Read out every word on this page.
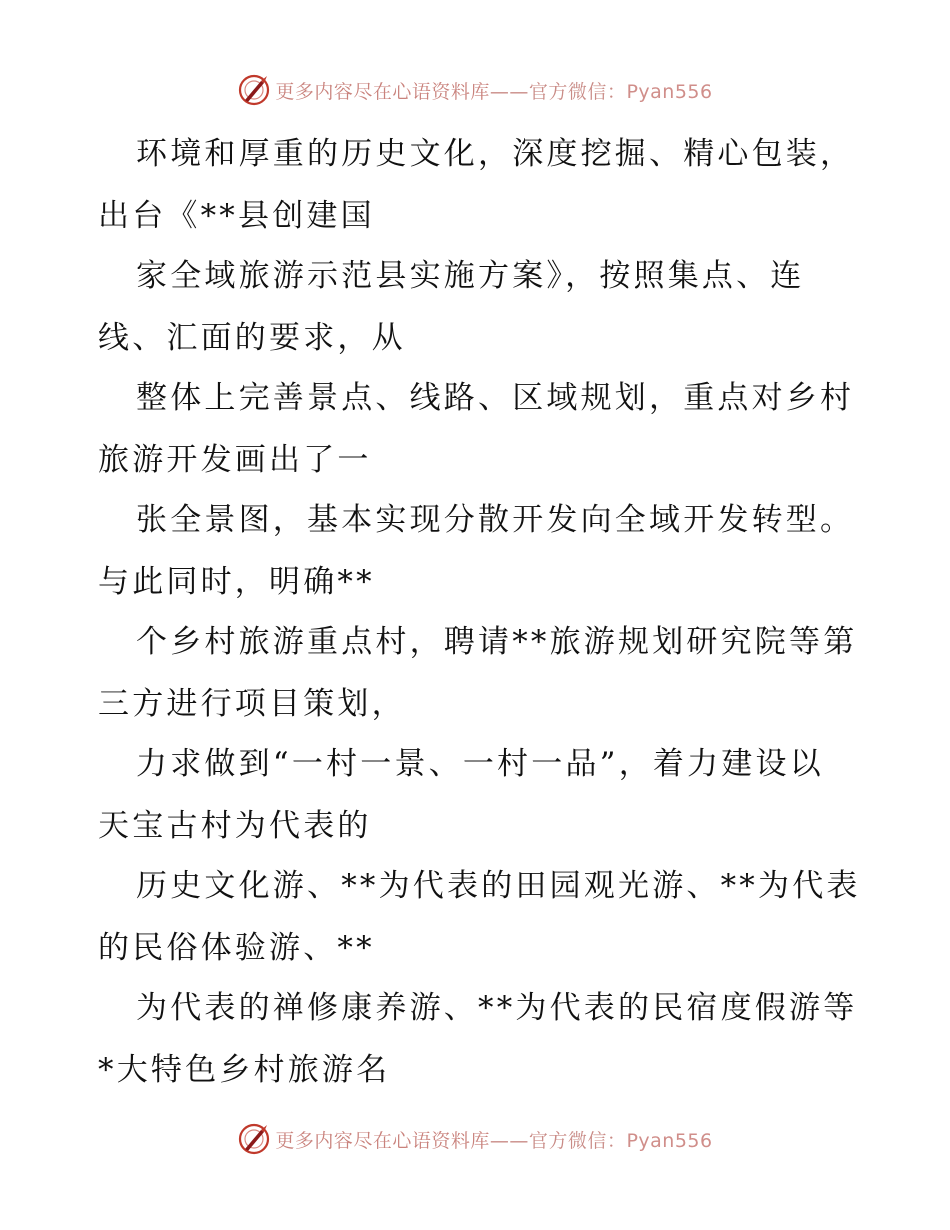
更多内容尽在心语资料库——官方微信：Pyan556
环境和厚重的历史文化，深度挖掘、精心包装，
出台《**县创建国
家全域旅游示范县实施方案》，按照集点、连
线、汇面的要求，从
整体上完善景点、线路、区域规划，重点对乡村
旅游开发画出了一
张全景图，基本实现分散开发向全域开发转型。
与此同时，明确**
个乡村旅游重点村，聘请**旅游规划研究院等第
三方进行项目策划，
力求做到“一村一景、一村一品”，着力建设以
天宝古村为代表的
历史文化游、**为代表的田园观光游、**为代表
的民俗体验游、**
为代表的禅修康养游、**为代表的民宿度假游等
*大特色乡村旅游名
更多内容尽在心语资料库——官方微信：Pyan556
